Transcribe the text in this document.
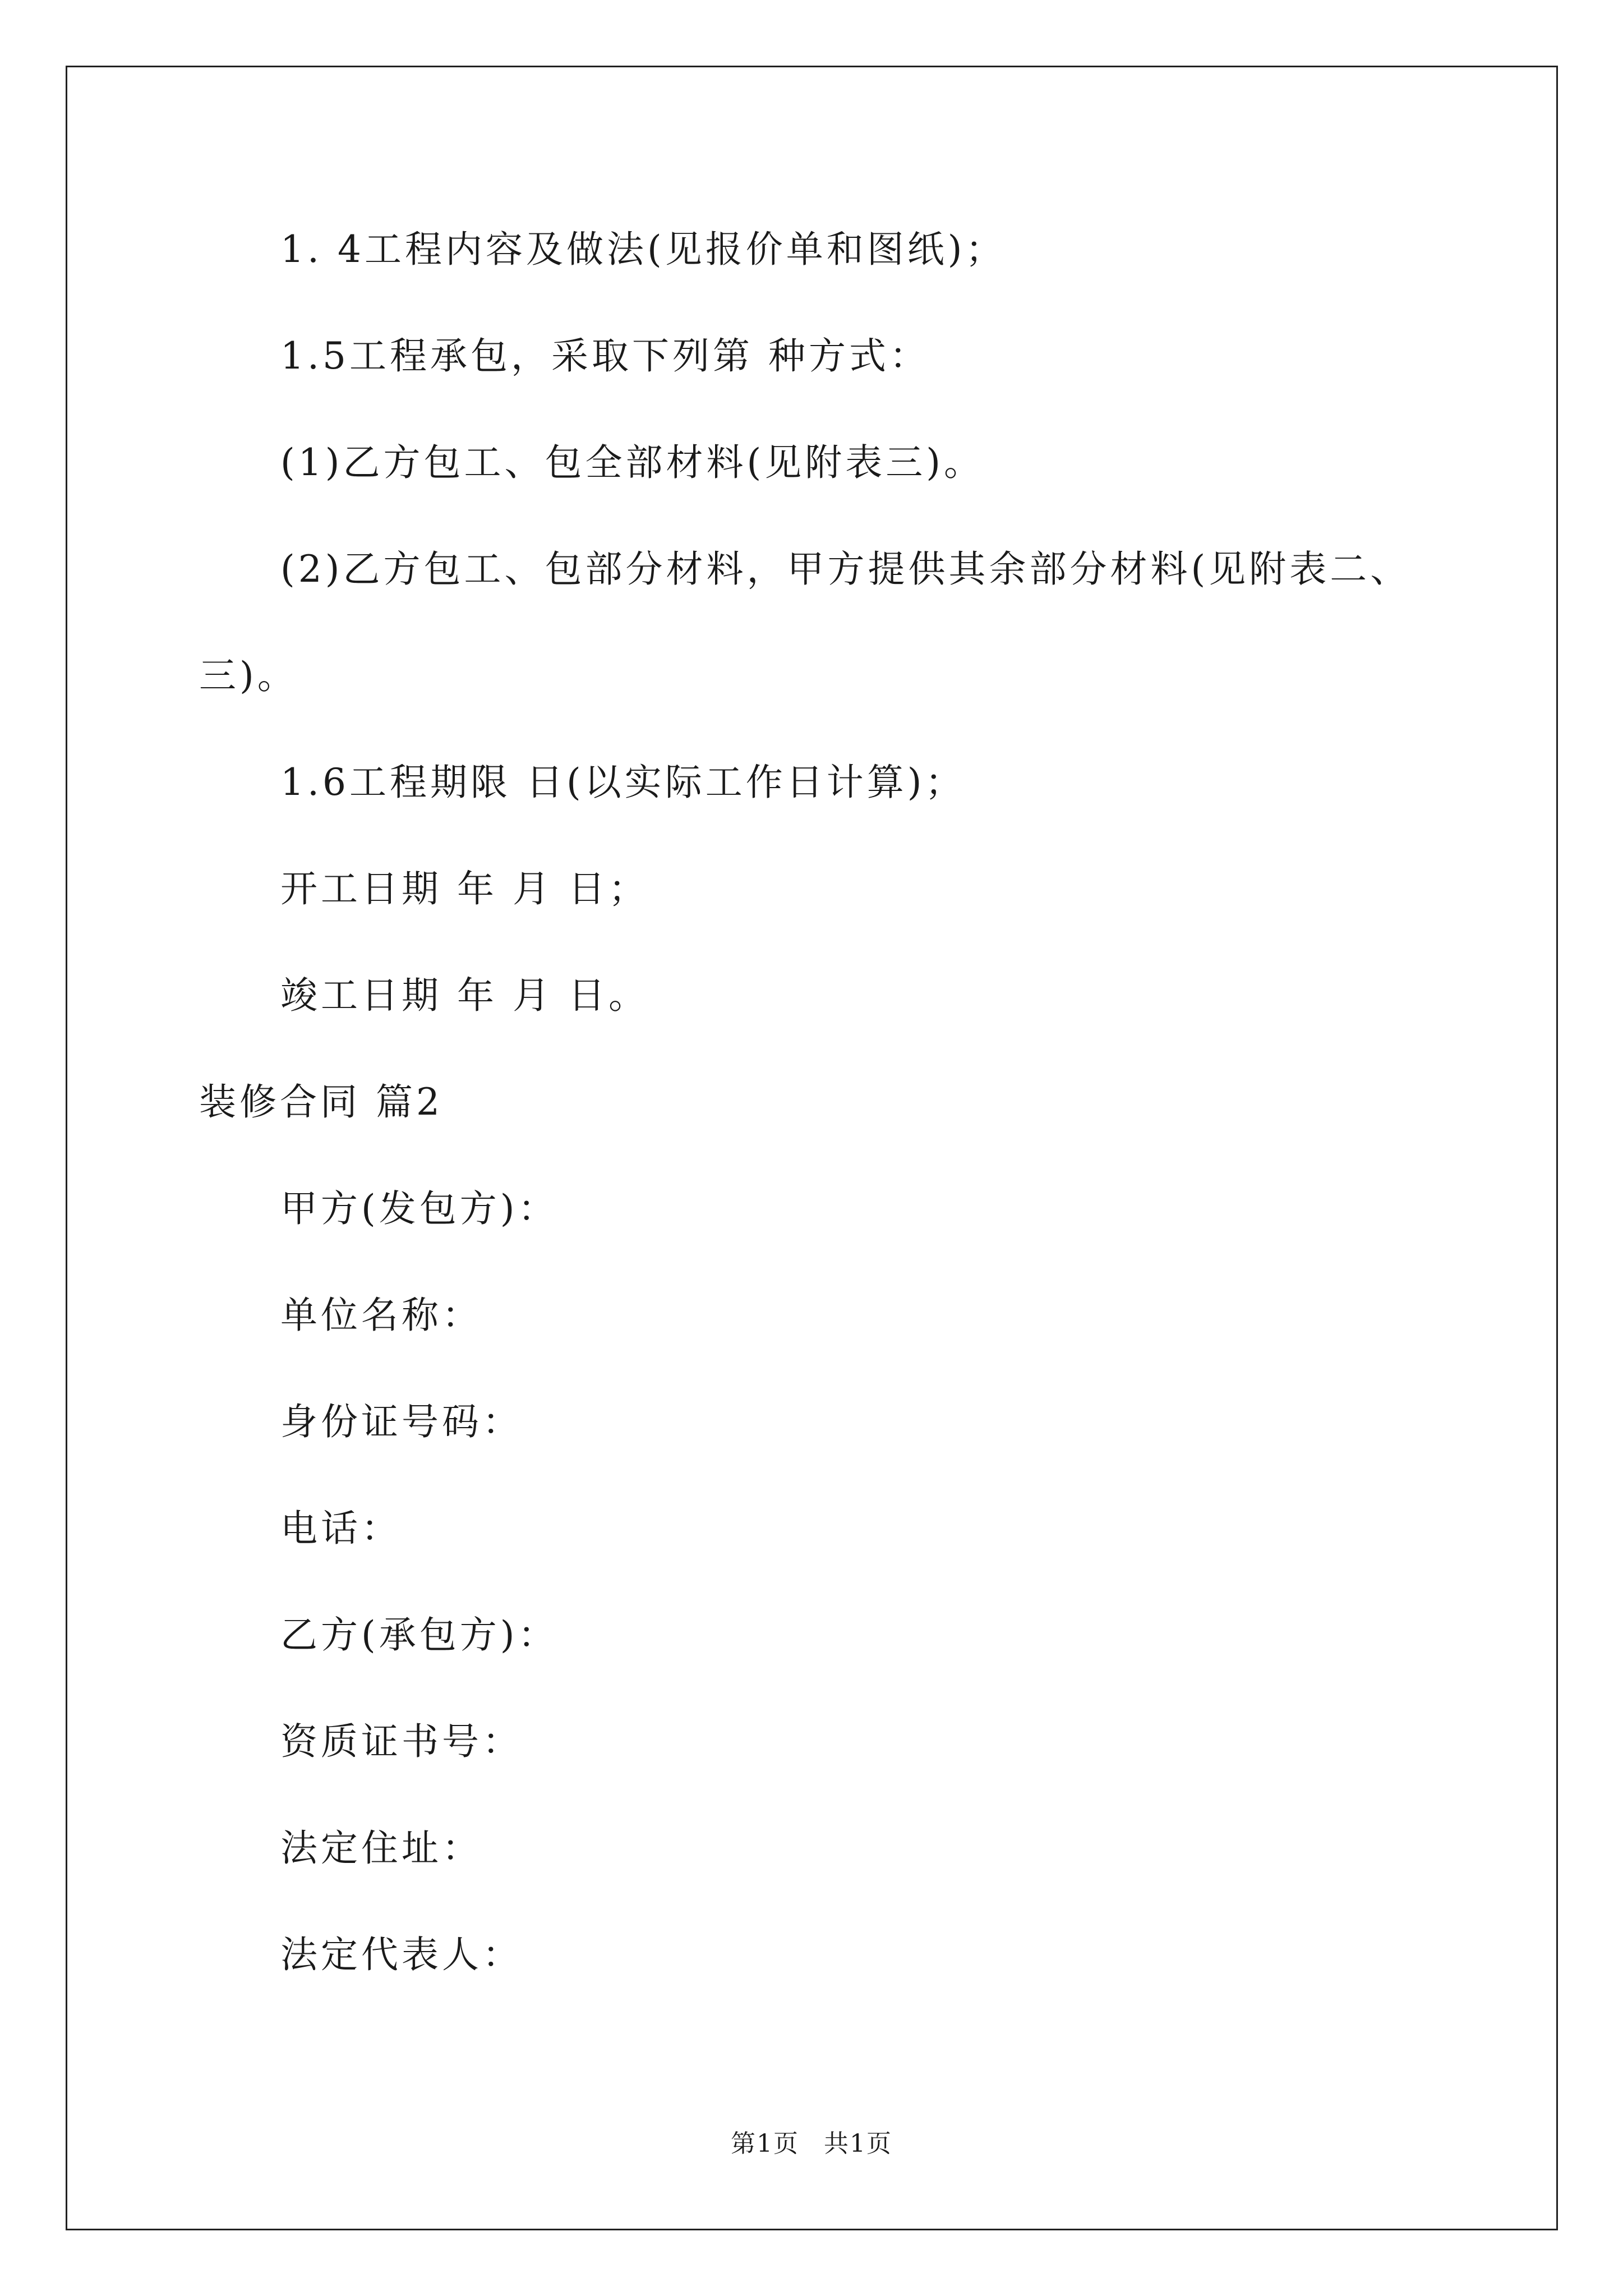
1. 4工程内容及做法(见报价单和图纸)；
1.5工程承包，采取下列第 种方式：
(1)乙方包工、包全部材料(见附表三)。
(2)乙方包工、包部分材料，甲方提供其余部分材料(见附表二、
三)。
1.6工程期限 日(以实际工作日计算)；
开工日期 年 月 日；
竣工日期 年 月 日。
装修合同 篇2
甲方(发包方)：
单位名称：
身份证号码：
电话：
乙方(承包方)：
资质证书号：
法定住址：
法定代表人：
第1页 共1页
